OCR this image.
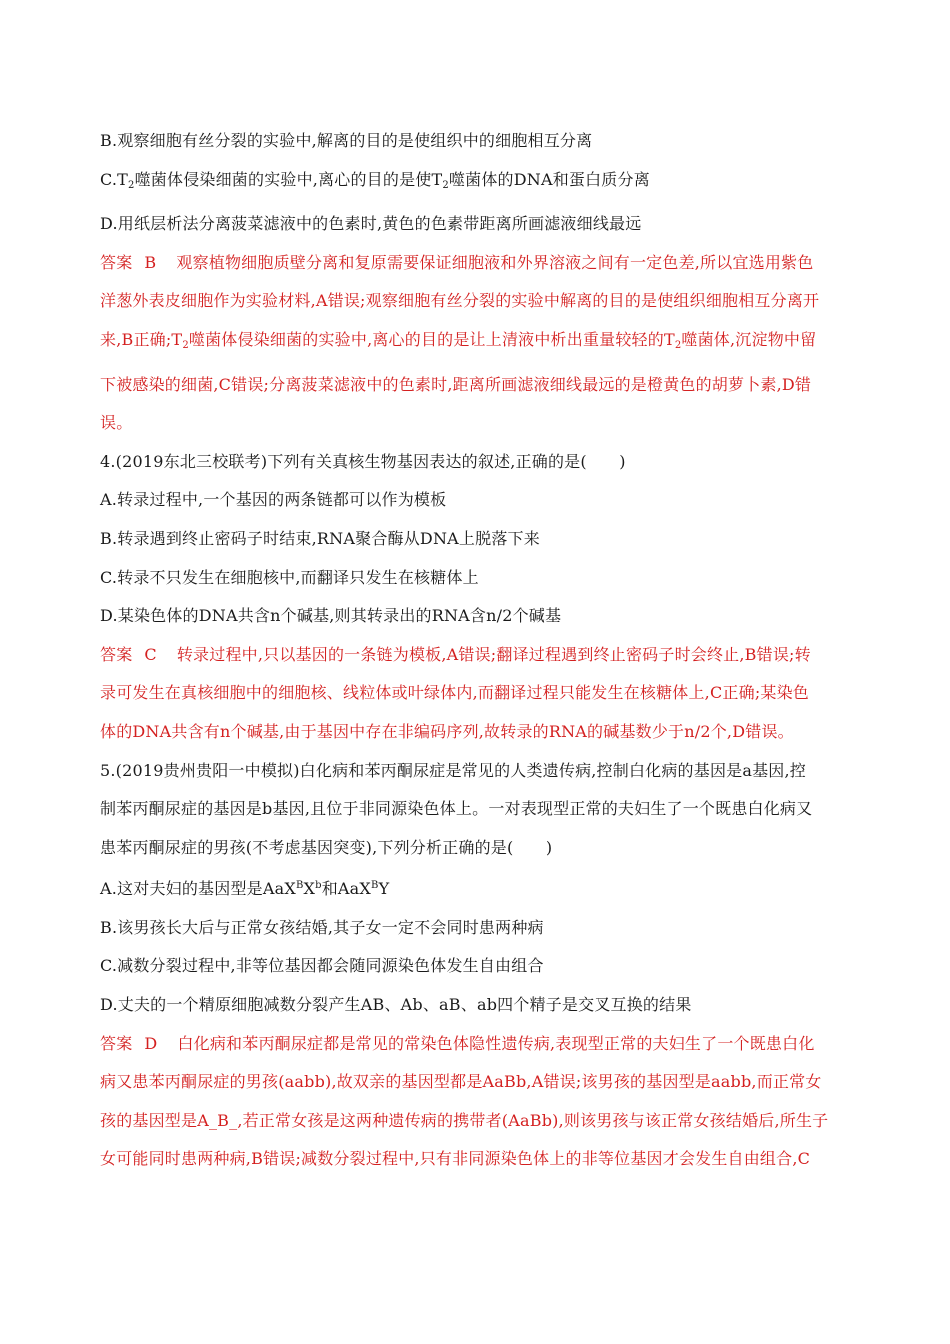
B.观察细胞有丝分裂的实验中,解离的目的是使组织中的细胞相互分离
$C.T_2$噬菌体侵染细菌的实验中,离心的目的是使$T_2$噬菌体的DNA和蛋白质分离
D.用纸层析法分离菠菜滤液中的色素时,黄色的色素带距离所画滤液细线最远
答案 B 观察植物细胞质壁分离和复原需要保证细胞液和外界溶液之间有一定色差,所以宜选用紫色
洋葱外表皮细胞作为实验材料,A错误;观察细胞有丝分裂的实验中解离的目的是使组织细胞相互分离开
来,B正确$;T_2$噬菌体侵染细菌的实验中,离心的目的是让上清液中析出重量较轻的$T_2$噬菌体,沉淀物中留
下被感染的细菌,C错误;分离菠菜滤液中的色素时,距离所画滤液细线最远的是橙黄色的胡萝卜素,D错
误。
4.(2019东北三校联考)下列有关真核生物基因表达的叙述,正确的是(　　)
A.转录过程中,一个基因的两条链都可以作为模板
B.转录遇到终止密码子时结束,RNA聚合酶从DNA上脱落下来
C.转录不只发生在细胞核中,而翻译只发生在核糖体上
D.某染色体的DNA共含n个碱基,则其转录出的RNA含n/2个碱基
答案 C 转录过程中,只以基因的一条链为模板,A错误;翻译过程遇到终止密码子时会终止,B错误;转
录可发生在真核细胞中的细胞核、线粒体或叶绿体内,而翻译过程只能发生在核糖体上,C正确;某染色
体的DNA共含有n个碱基,由于基因中存在非编码序列,故转录的RNA的碱基数少于n/2个,D错误。
5.(2019贵州贵阳一中模拟)白化病和苯丙酮尿症是常见的人类遗传病,控制白化病的基因是a基因,控
制苯丙酮尿症的基因是b基因,且位于非同源染色体上。一对表现型正常的夫妇生了一个既患白化病又
患苯丙酮尿症的男孩(不考虑基因突变),下列分析正确的是(　　)
A.这对夫妇的基因型是$AaX^BX^b$和AaX$^B$Y
B.该男孩长大后与正常女孩结婚,其子女一定不会同时患两种病
C.减数分裂过程中,非等位基因都会随同源染色体发生自由组合
D.丈夫的一个精原细胞减数分裂产生AB、Ab、aB、ab四个精子是交叉互换的结果
答案 D 白化病和苯丙酮尿症都是常见的常染色体隐性遗传病,表现型正常的夫妇生了一个既患白化
病又患苯丙酮尿症的男孩(aabb),故双亲的基因型都是AaBb,A错误;该男孩的基因型是aabb,而正常女
孩的基因型是A_B_,若正常女孩是这两种遗传病的携带者(AaBb),则该男孩与该正常女孩结婚后,所生子
女可能同时患两种病,B错误;减数分裂过程中,只有非同源染色体上的非等位基因才会发生自由组合,C
